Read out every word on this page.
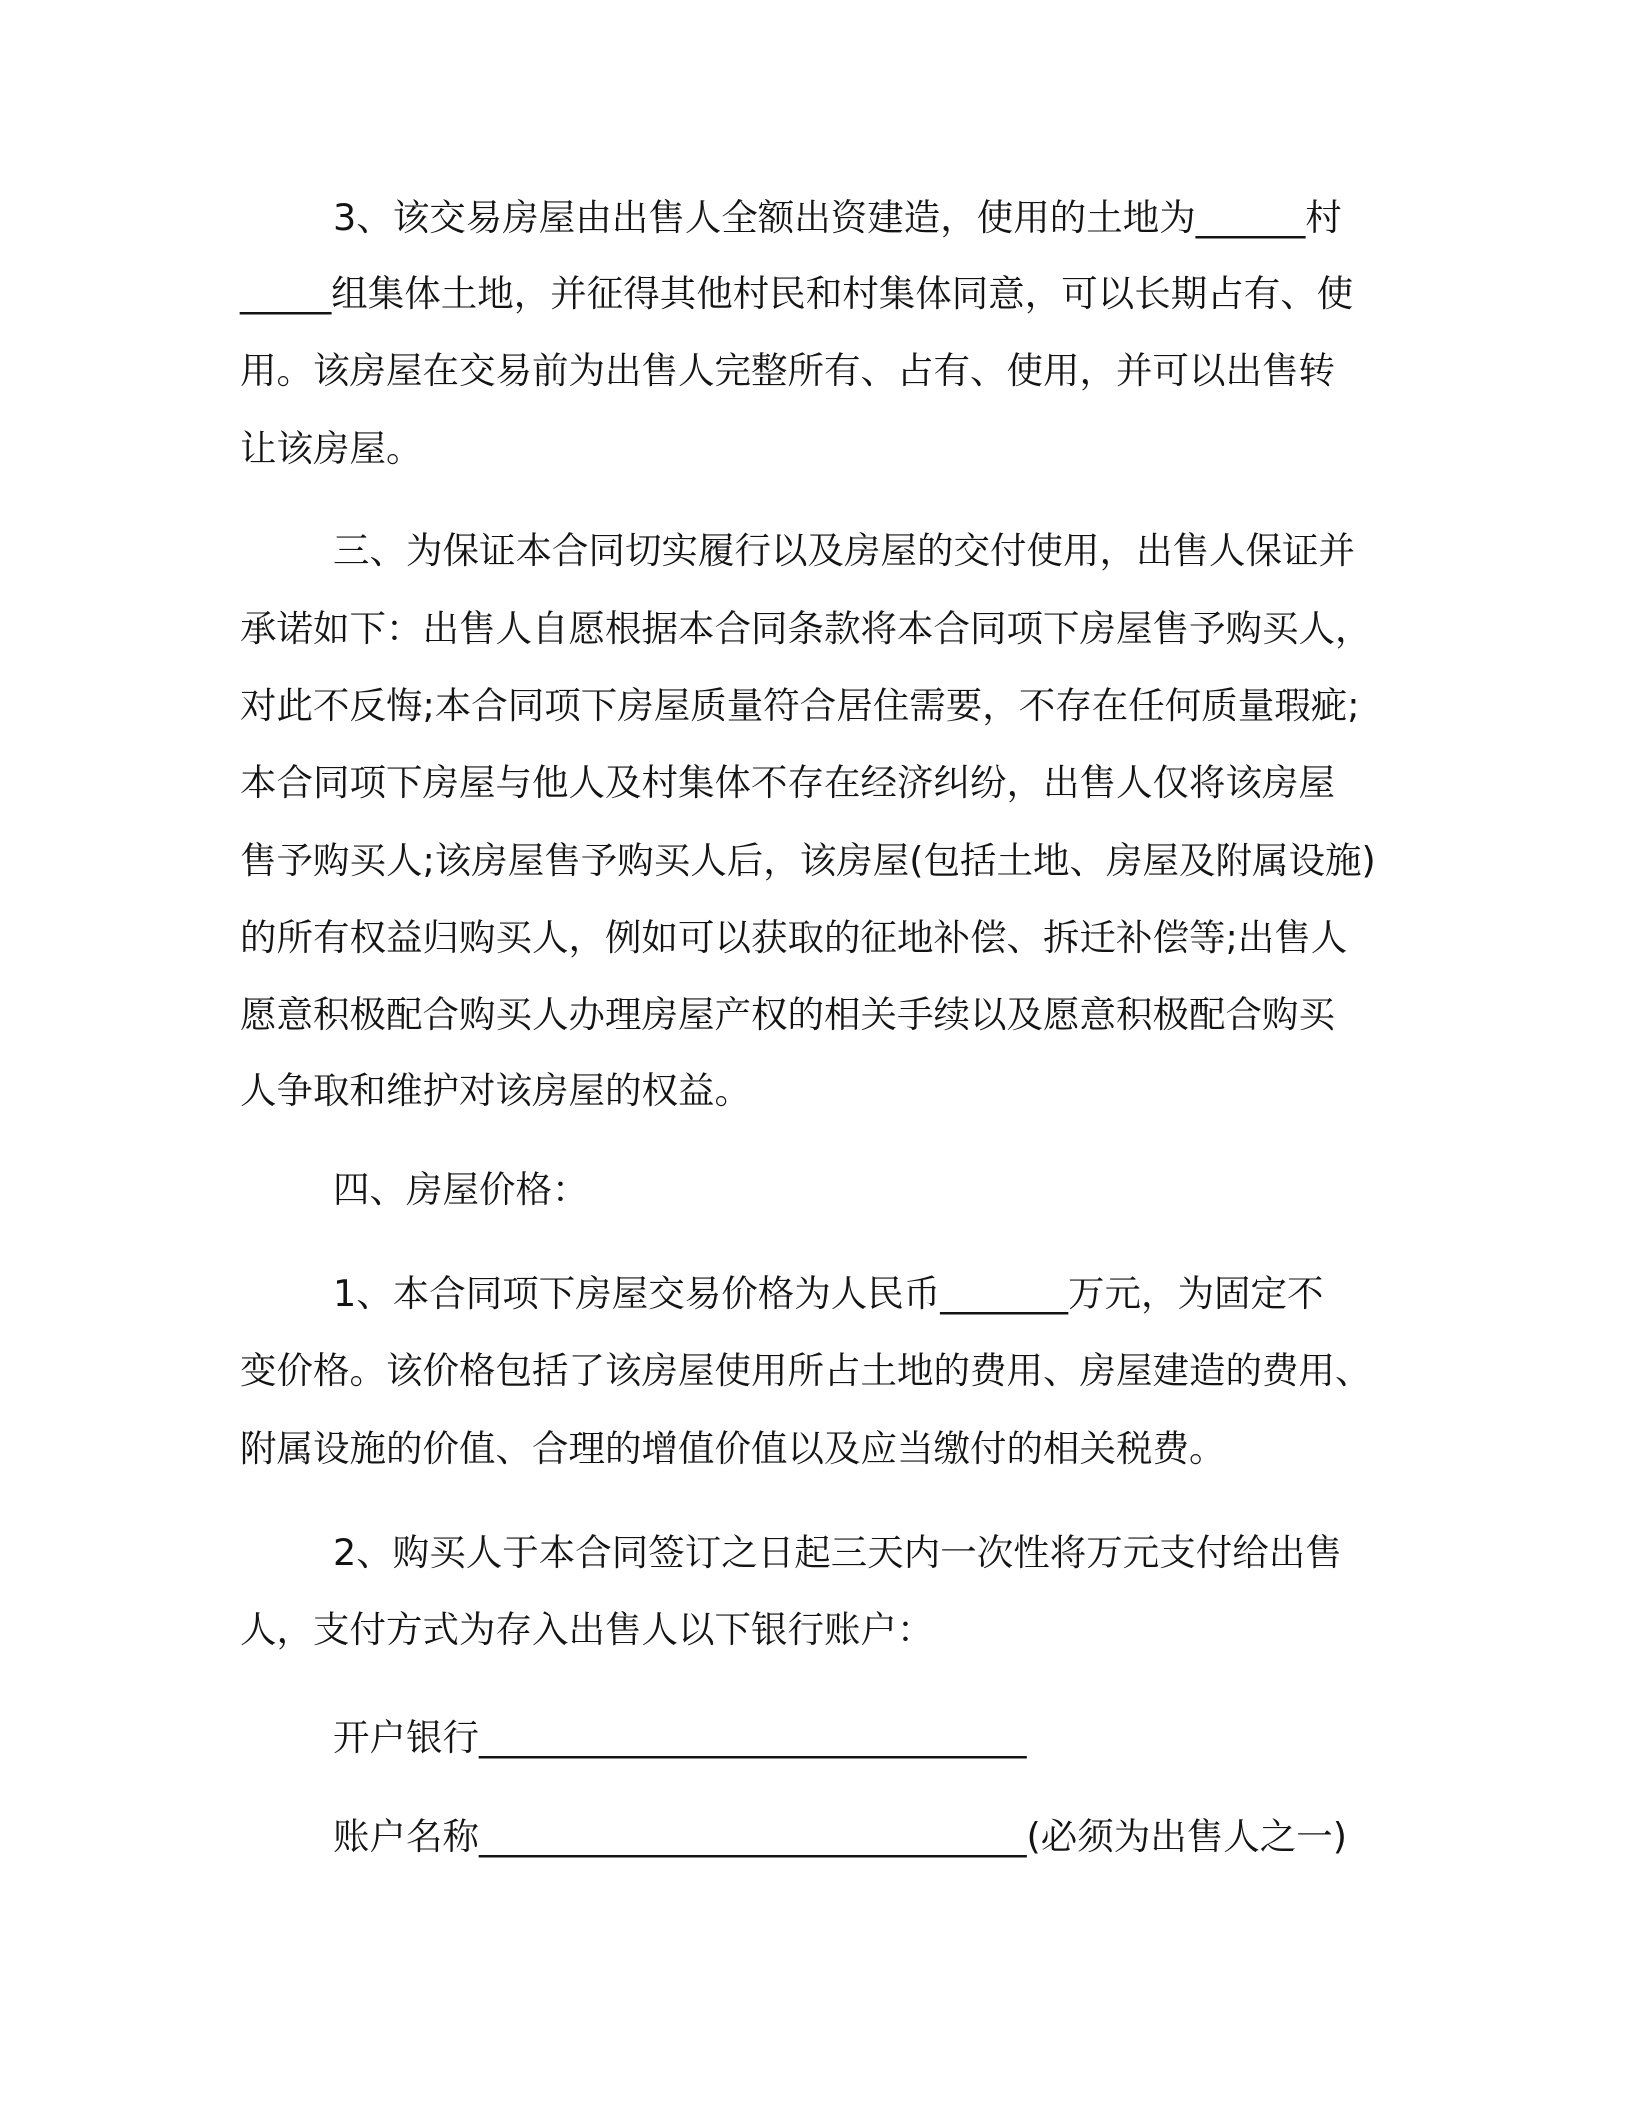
3、该交易房屋由出售人全额出资建造，使用的土地为______村
_____组集体土地，并征得其他村民和村集体同意，可以长期占有、使
用。该房屋在交易前为出售人完整所有、占有、使用，并可以出售转
让该房屋。
三、为保证本合同切实履行以及房屋的交付使用，出售人保证并
承诺如下：出售人自愿根据本合同条款将本合同项下房屋售予购买人，
对此不反悔;本合同项下房屋质量符合居住需要，不存在任何质量瑕疵;
本合同项下房屋与他人及村集体不存在经济纠纷，出售人仅将该房屋
售予购买人;该房屋售予购买人后，该房屋(包括土地、房屋及附属设施)
的所有权益归购买人，例如可以获取的征地补偿、拆迁补偿等;出售人
愿意积极配合购买人办理房屋产权的相关手续以及愿意积极配合购买
人争取和维护对该房屋的权益。
四、房屋价格：
1、本合同项下房屋交易价格为人民币_______万元，为固定不
变价格。该价格包括了该房屋使用所占土地的费用、房屋建造的费用、
附属设施的价值、合理的增值价值以及应当缴付的相关税费。
2、购买人于本合同签订之日起三天内一次性将万元支付给出售
人，支付方式为存入出售人以下银行账户：
开户银行______________________________
账户名称______________________________(必须为出售人之一)
